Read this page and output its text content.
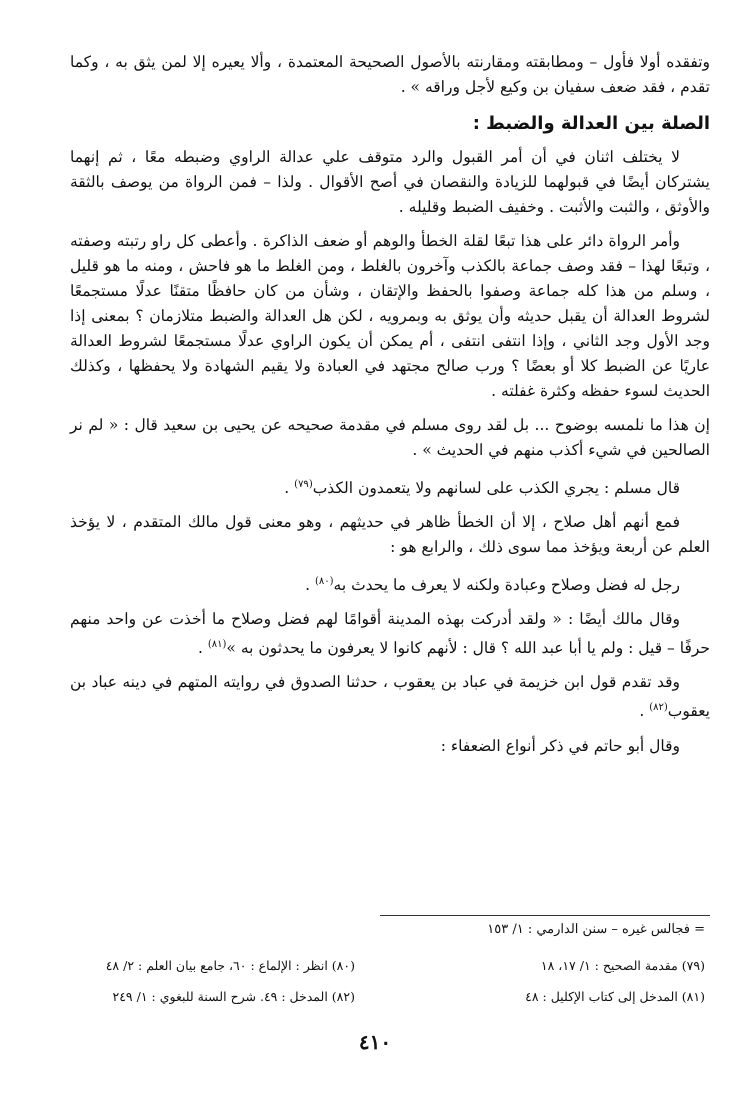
وتفقده أولا فأول – ومطابقته ومقارنته بالأصول الصحيحة المعتمدة ، وألا يعيره إلا لمن يثق به ، وكما تقدم ، فقد ضعف سفيان بن وكيع لأجل وراقه » .

الصلة بين العدالة والضبط :

لا يختلف اثنان في أن أمر القبول والرد متوقف علي عدالة الراوي وضبطه معًا ، ثم إنهما يشتركان أيضًا في قبولهما للزيادة والنقصان في أصح الأقوال . ولذا – فمن الرواة من يوصف بالثقة والأوثق ، والثبت والأثبت . وخفيف الضبط وقليله .

وأمر الرواة دائر على هذا تبعًا لقلة الخطأ والوهم أو ضعف الذاكرة . وأعطى كل راو رتبته وصفته ، وتبعًا لهذا – فقد وصف جماعة بالكذب وآخرون بالغلط ، ومن الغلط ما هو فاحش ، ومنه ما هو قليل ، وسلم من هذا كله جماعة وصفوا بالحفظ والإتقان ، وشأن من كان حافظًا متقنًا عدلًا مستجمعًا لشروط العدالة أن يقبل حديثه وأن يوثق به وبمرويه ، لكن هل العدالة والضبط متلازمان ؟ بمعنى إذا وجد الأول وجد الثاني ، وإذا انتفى انتفى ، أم يمكن أن يكون الراوي عدلًا مستجمعًا لشروط العدالة عاريًا عن الضبط كلا أو بعضًا ؟ ورب صالح مجتهد في العبادة ولا يقيم الشهادة ولا يحفظها ، وكذلك الحديث لسوء حفظه وكثرة غفلته .

إن هذا ما نلمسه بوضوح ... بل لقد روى مسلم في مقدمة صحيحه عن يحيى بن سعيد قال : « لم نر الصالحين في شيء أكذب منهم في الحديث » .

قال مسلم : يجري الكذب على لسانهم ولا يتعمدون الكذب$^{(٧٩)}$ .

فمع أنهم أهل صلاح ، إلا أن الخطأ ظاهر في حديثهم ، وهو معنى قول مالك المتقدم ، لا يؤخذ العلم عن أربعة ويؤخذ مما سوى ذلك ، والرابع هو :

رجل له فضل وصلاح وعبادة ولكنه لا يعرف ما يحدث به$^{(٨٠)}$ .

وقال مالك أيضًا : « ولقد أدركت بهذه المدينة أقوامًا لهم فضل وصلاح ما أخذت عن واحد منهم حرفًا – قيل : ولم يا أبا عبد الله ؟ قال : لأنهم كانوا لا يعرفون ما يحدثون به »$^{(٨١)}$ .

وقد تقدم قول ابن خزيمة في عباد بن يعقوب ، حدثنا الصدوق في روايته المتهم في دينه عباد بن يعقوب$^{(٨٢)}$ .

وقال أبو حاتم في ذكر أنواع الضعفاء :

= فجالس غيره – سنن الدارمي : ١/ ١٥٣
(٧٩) مقدمة الصحيح : ١/ ١٧، ١٨
(٨٠) انظر : الإلماع : ٦٠، جامع بيان العلم : ٢/ ٤٨
(٨١) المدخل إلى كتاب الإكليل : ٤٨
(٨٢) المدخل : ٤٩. شرح السنة للبغوي : ١/ ٢٤٩
٤١٠
